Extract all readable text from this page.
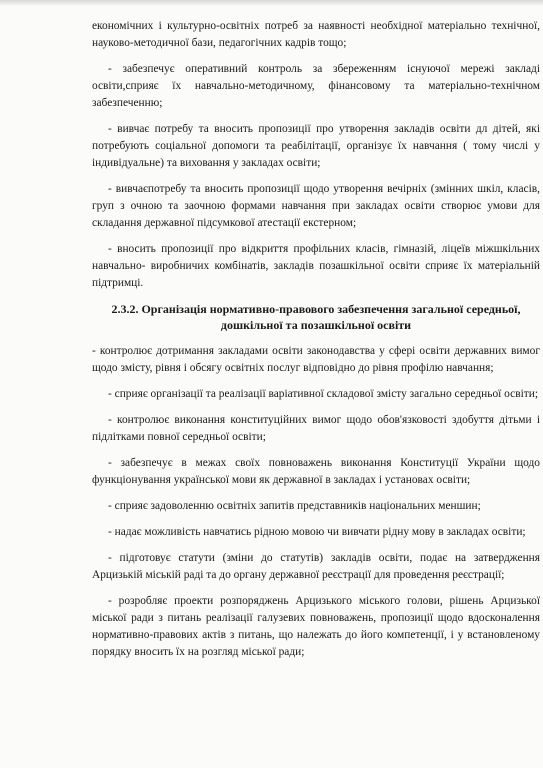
економічних і культурно-освітніх потреб за наявності необхідної матеріально технічної, науково-методичної бази, педагогічних кадрів тощо;

- забезпечує оперативний контроль за збереженням існуючої мережі закладі освіти,сприяє їх навчально-методичному, фінансовому та матеріально-технічном забезпеченню;

- вивчає потребу та вносить пропозиції про утворення закладів освіти дл дітей, які потребують соціальної допомоги та реабілітації, організує їх навчання ( тому числі у індивідуальне) та виховання у закладах освіти;

- вивчаєпотребу та вносить пропозиції щодо утворення вечірніх (змінних шкіл, класів, груп з очною та заочною формами навчання при закладах освіти створює умови для складання державної підсумкової атестації екстерном;

- вносить пропозиції про відкриття профільних класів, гімназій, ліцеїв міжшкільних навчально- виробничих комбінатів, закладів позашкільної освіти сприяє їх матеріальній підтримці.

2.3.2. Організація нормативно-правового забезпечення загальної середньої,
дошкільної та позашкільної освіти

- контролює дотримання закладами освіти законодавства у сфері освіти державних вимог щодо змісту, рівня і обсягу освітніх послуг відповідно до рівня профілю навчання;

- сприяє організації та реалізації варіативної складової змісту загально середньої освіти;

- контролює виконання конституційних вимог щодо обов'язковості здобуття дітьми і підлітками повної середньої освіти;

- забезпечує в межах своїх повноважень виконання Конституції України щодо функціонування української мови як державної в закладах і установах освіти;

- сприяє задоволенню освітніх запитів представників національних меншин;

- надає можливість навчатись рідною мовою чи вивчати рідну мову в закладах освіти;

- підготовує статути (зміни до статутів) закладів освіти, подає на затвердження Арцизькій міській раді та до органу державної реєстрації для проведення реєстрації;

- розробляє проекти розпоряджень Арцизького міського голови, рішень Арцизької міської ради з питань реалізації галузевих повноважень, пропозиції щодо вдосконалення нормативно-правових актів з питань, що належать до його компетенції, і у встановленому порядку вносить їх на розгляд міської ради;
